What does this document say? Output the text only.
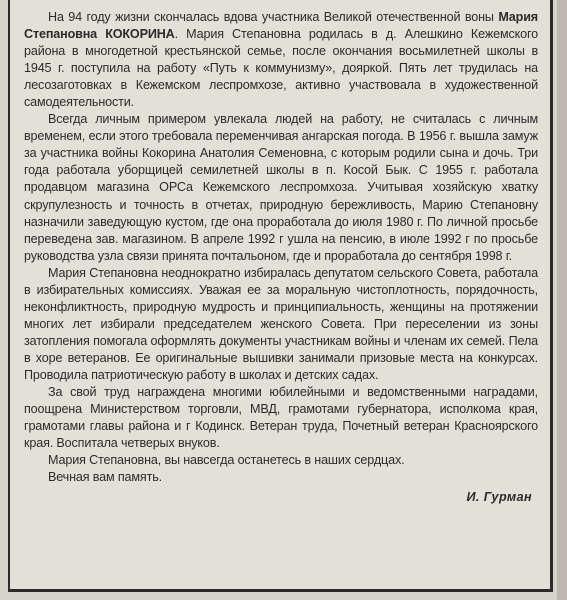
На 94 году жизни скончалась вдова участника Великой отечественной воны Мария Степановна КОКОРИНА. Мария Степановна родилась в д. Алешкино Кежемского района в многодетной крестьянской семье, после окончания восьмилетней школы в 1945 г. поступила на работу «Путь к коммунизму», дояркой. Пять лет трудилась на лесозаготовках в Кежемском леспромхозе, активно участвовала в художественной самодеятельности.

Всегда личным примером увлекала людей на работу, не считалась с личным временем, если этого требовала переменчивая ангарская погода. В 1956 г. вышла замуж за участника войны Кокорина Анатолия Семеновна, с которым родили сына и дочь. Три года работала уборщицей семилетней школы в п. Косой Бык. С 1955 г. работала продавцом магазина ОРСа Кежемского леспромхоза. Учитывая хозяйскую хватку скрупулезность и точность в отчетах, природную бережливость, Марию Степановну назначили заведующую кустом, где она проработала до июля 1980 г. По личной просьбе переведена зав. магазином. В апреле 1992 г ушла на пенсию, в июле 1992 г по просьбе руководства узла связи принята почтальоном, где и проработала до сентября 1998 г.

Мария Степановна неоднократно избиралась депутатом сельского Совета, работала в избирательных комиссиях. Уважая ее за моральную чистоплотность, порядочность, неконфликтность, природную мудрость и принципиальность, женщины на протяжении многих лет избирали председателем женского Совета. При переселении из зоны затопления помогала оформлять документы участникам войны и членам их семей. Пела в хоре ветеранов. Ее оригинальные вышивки занимали призовые места на конкурсах. Проводила патриотическую работу в школах и детских садах.

За свой труд награждена многими юбилейными и ведомственными наградами, поощрена Министерством торговли, МВД, грамотами губернатора, исполкома края, грамотами главы района и г Кодинск. Ветеран труда, Почетный ветеран Красноярского края. Воспитала четверых внуков.

Мария Степановна, вы навсегда останетесь в наших сердцах.

Вечная вам память.

И. Гурман
